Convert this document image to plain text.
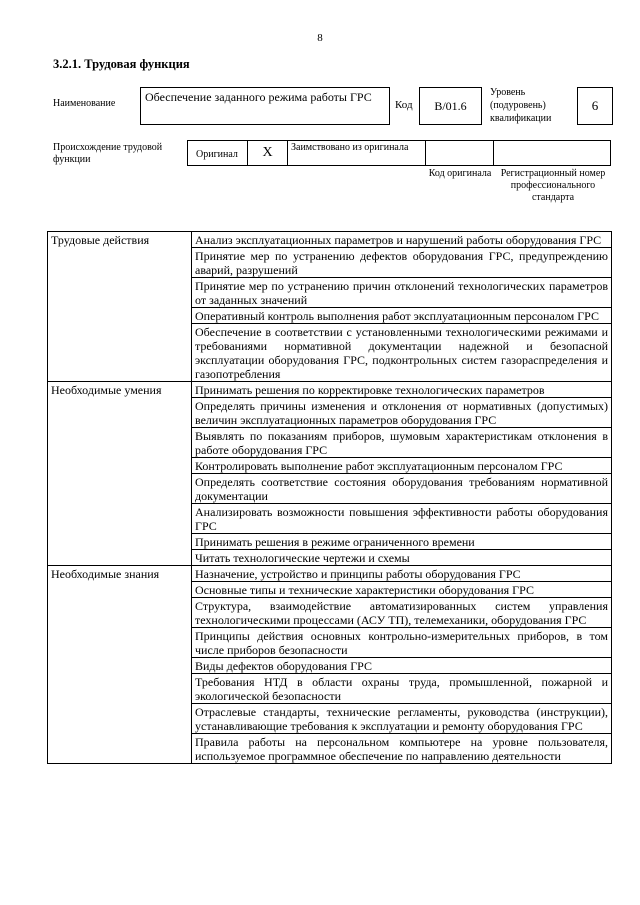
8
3.2.1. Трудовая функция
Наименование	Обеспечение заданного режима работы ГРС
Код	В/01.6
Уровень (подуровень) квалификации
6
Происхождение трудовой функции	Оригинал	X	Заимствовано из оригинала
Код оригинала Регистрационный номер профессионального стандарта
Трудовые действия	Анализ эксплуатационных параметров и нарушений работы оборудования ГРС
	Принятие мер по устранению дефектов оборудования ГРС, предупреждению аварий, разрушений
	Принятие мер по устранению причин отклонений технологических параметров от заданных значений
	Оперативный контроль выполнения работ эксплуатационным персоналом ГРС
	Обеспечение в соответствии с установленными технологическими режимами и требованиями нормативной документации надежной и безопасной эксплуатации оборудования ГРС, подконтрольных систем газораспределения и газопотребления
Необходимые умения	Принимать решения по корректировке технологических параметров
	Определять причины изменения и отклонения от нормативных (допустимых) величин эксплуатационных параметров оборудования ГРС
	Выявлять по показаниям приборов, шумовым характеристикам отклонения в работе оборудования ГРС
	Контролировать выполнение работ эксплуатационным персоналом ГРС
	Определять соответствие состояния оборудования требованиям нормативной документации
	Анализировать возможности повышения эффективности работы оборудования ГРС
	Принимать решения в режиме ограниченного времени
	Читать технологические чертежи и схемы
Необходимые знания	Назначение, устройство и принципы работы оборудования ГРС
	Основные типы и технические характеристики оборудования ГРС
	Структура, взаимодействие автоматизированных систем управления технологическими процессами (АСУ ТП), телемеханики, оборудования ГРС
	Принципы действия основных контрольно-измерительных приборов, в том числе приборов безопасности
	Виды дефектов оборудования ГРС
	Требования НТД в области охраны труда, промышленной, пожарной и экологической безопасности
	Отраслевые стандарты, технические регламенты, руководства (инструкции), устанавливающие требования к эксплуатации и ремонту оборудования ГРС
	Правила работы на персональном компьютере на уровне пользователя, используемое программное обеспечение по направлению деятельности
